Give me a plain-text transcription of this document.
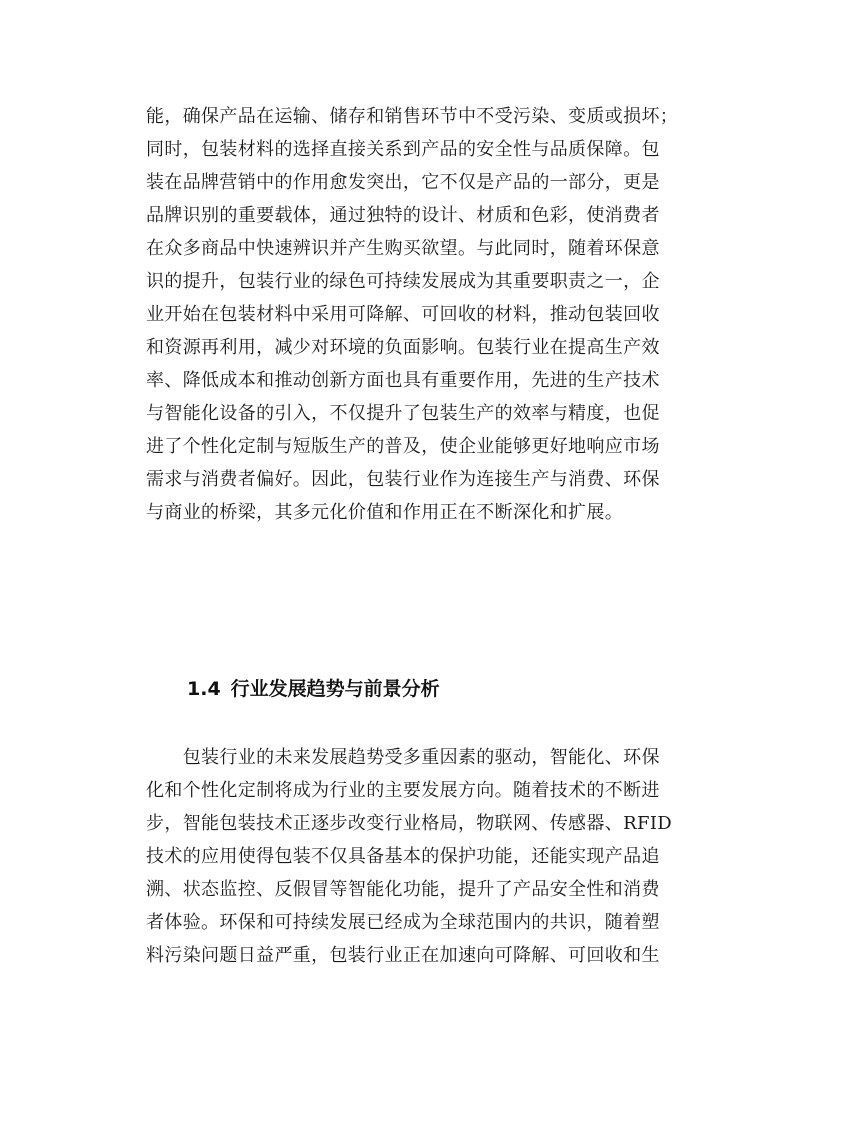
能，确保产品在运输、储存和销售环节中不受污染、变质或损坏；
同时，包装材料的选择直接关系到产品的安全性与品质保障。包
装在品牌营销中的作用愈发突出，它不仅是产品的一部分，更是
品牌识别的重要载体，通过独特的设计、材质和色彩，使消费者
在众多商品中快速辨识并产生购买欲望。与此同时，随着环保意
识的提升，包装行业的绿色可持续发展成为其重要职责之一，企
业开始在包装材料中采用可降解、可回收的材料，推动包装回收
和资源再利用，减少对环境的负面影响。包装行业在提高生产效
率、降低成本和推动创新方面也具有重要作用，先进的生产技术
与智能化设备的引入，不仅提升了包装生产的效率与精度，也促
进了个性化定制与短版生产的普及，使企业能够更好地响应市场
需求与消费者偏好。因此，包装行业作为连接生产与消费、环保
与商业的桥梁，其多元化价值和作用正在不断深化和扩展。
1.4 行业发展趋势与前景分析
　　包装行业的未来发展趋势受多重因素的驱动，智能化、环保
化和个性化定制将成为行业的主要发展方向。随着技术的不断进
步，智能包装技术正逐步改变行业格局，物联网、传感器、RFID
技术的应用使得包装不仅具备基本的保护功能，还能实现产品追
溯、状态监控、反假冒等智能化功能，提升了产品安全性和消费
者体验。环保和可持续发展已经成为全球范围内的共识，随着塑
料污染问题日益严重，包装行业正在加速向可降解、可回收和生
